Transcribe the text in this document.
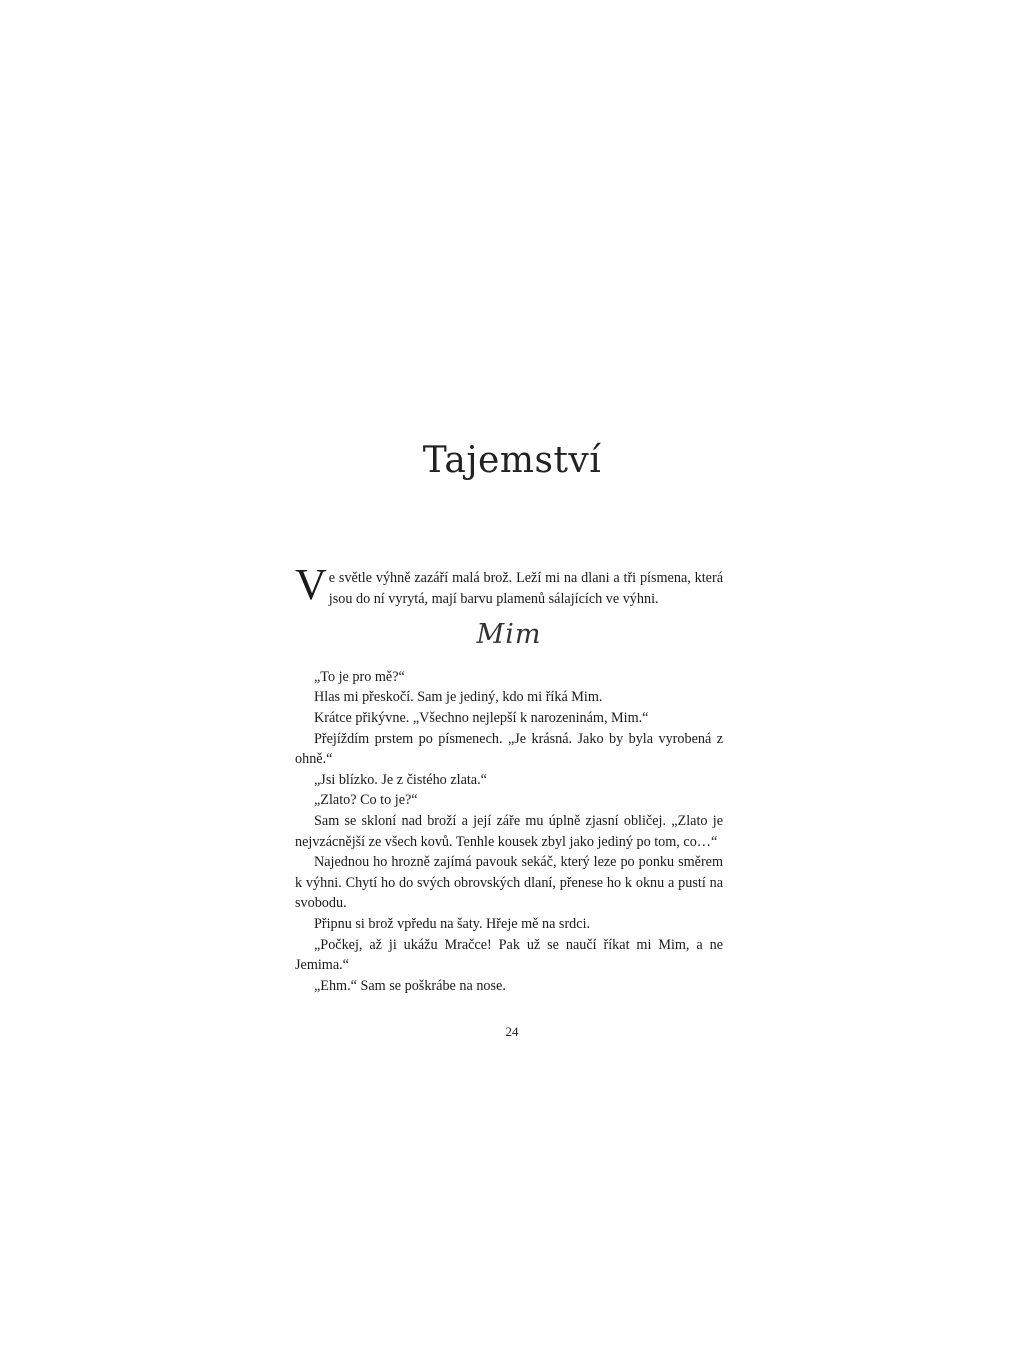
Tajemství

Ve světle výhně zazáří malá brož. Leží mi na dlani a tři písmena, která jsou do ní vyrytá, mají barvu plamenů sálajících ve výhni.

Mim

„To je pro mě?“

Hlas mi přeskočí. Sam je jediný, kdo mi říká Mim.

Krátce přikývne. „Všechno nejlepší k narozeninám, Mim.“

Přejíždím prstem po písmenech. „Je krásná. Jako by byla vyrobená z ohně.“

„Jsi blízko. Je z čistého zlata.“

„Zlato? Co to je?“

Sam se skloní nad broží a její záře mu úplně zjasní obličej. „Zlato je nejvzácnější ze všech kovů. Tenhle kousek zbyl jako jediný po tom, co…“

Najednou ho hrozně zajímá pavouk sekáč, který leze po ponku směrem k výhni. Chytí ho do svých obrovských dlaní, přenese ho k oknu a pustí na svobodu.

Připnu si brož vpředu na šaty. Hřeje mě na srdci.

„Počkej, až ji ukážu Mračce! Pak už se naučí říkat mi Mim, a ne Jemima.“

„Ehm.“ Sam se poškrábe na nose.

24
